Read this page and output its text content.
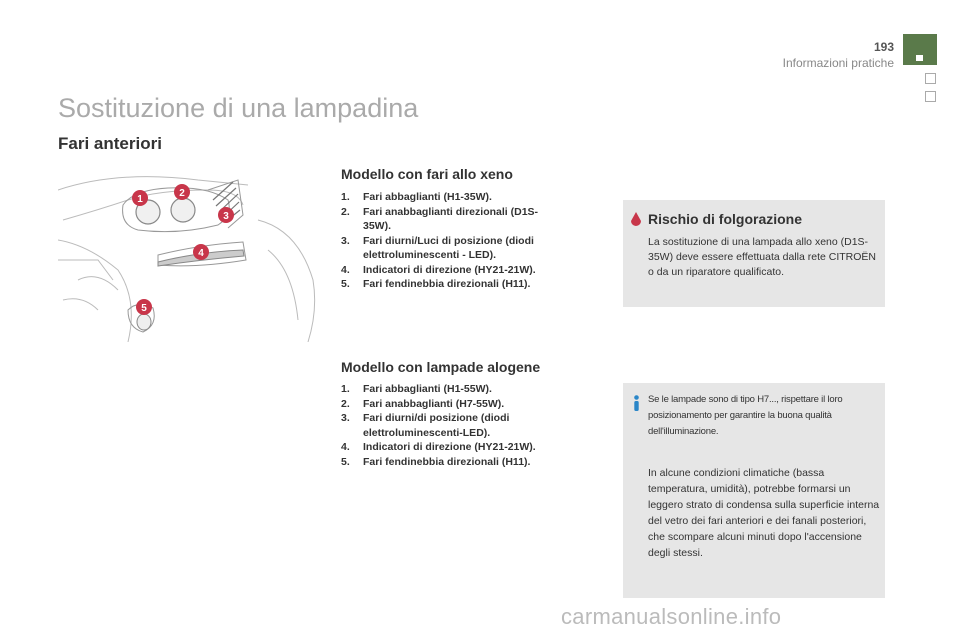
193
Informazioni pratiche
Sostituzione di una lampadina
Fari anteriori
1
2
3
4
5
Modello con fari allo xeno
1.	Fari abbaglianti (H1-35W).
2.	Fari anabbaglianti direzionali (D1S-35W).
3.	Fari diurni/Luci di posizione (diodi elettroluminescenti - LED).
4.	Indicatori di direzione (HY21-21W).
5.	Fari fendinebbia direzionali (H11).
Modello con lampade alogene
1.	Fari abbaglianti (H1-55W).
2.	Fari anabbaglianti (H7-55W).
3.	Fari diurni/di posizione (diodi elettroluminescenti-LED).
4.	Indicatori di direzione (HY21-21W).
5.	Fari fendinebbia direzionali (H11).
Rischio di folgorazione
La sostituzione di una lampada allo xeno (D1S-35W) deve essere effettuata dalla rete CITROËN o da un riparatore qualificato.
Se le lampade sono di tipo H7..., rispettare il loro posizionamento per garantire la buona qualità dell'illuminazione.
In alcune condizioni climatiche (bassa temperatura, umidità), potrebbe formarsi un leggero strato di condensa sulla superficie interna del vetro dei fari anteriori e dei fanali posteriori, che scompare alcuni minuti dopo l'accensione degli stessi.
carmanualsonline.info
